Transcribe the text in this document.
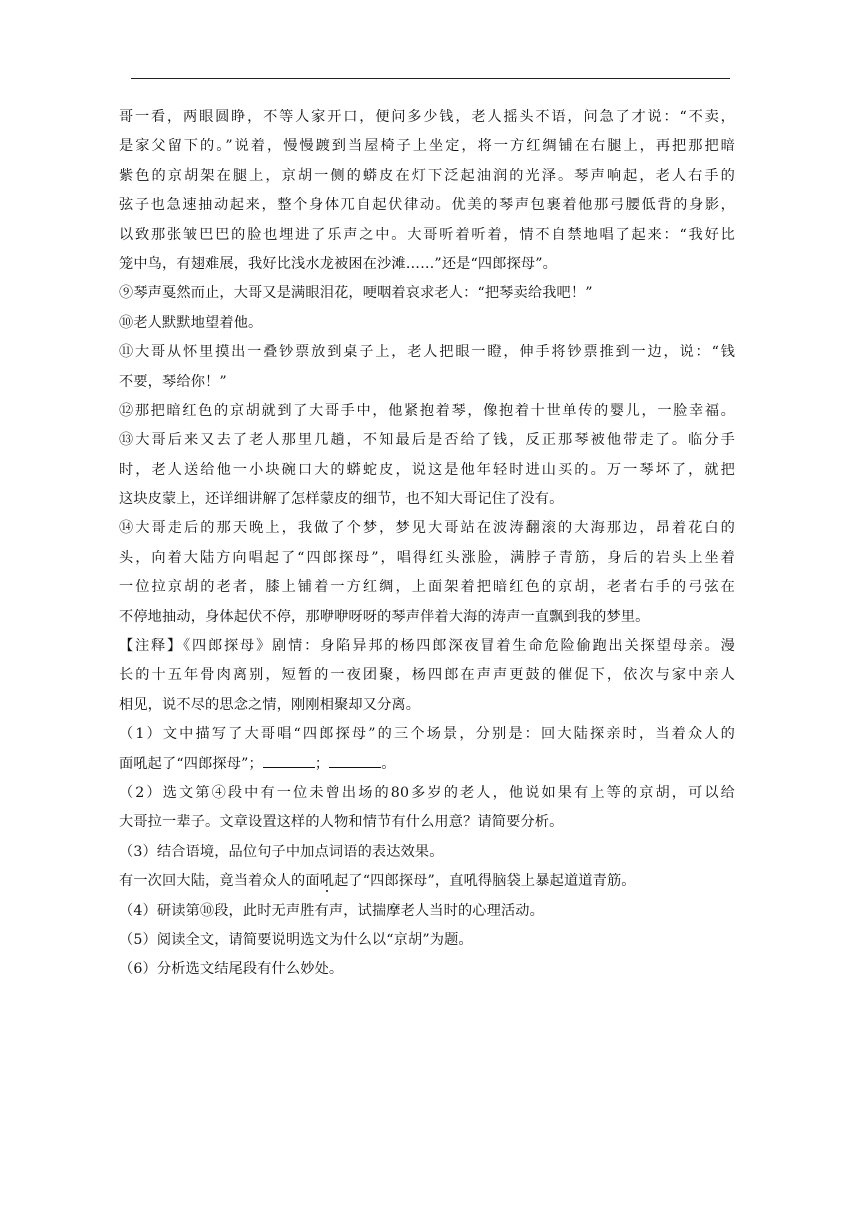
哥一看，两眼圆睁，不等人家开口，便问多少钱，老人摇头不语，问急了才说：“不卖，
是家父留下的。”说着，慢慢踱到当屋椅子上坐定，将一方红绸铺在右腿上，再把那把暗
紫色的京胡架在腿上，京胡一侧的蟒皮在灯下泛起油润的光泽。琴声响起，老人右手的
弦子也急速抽动起来，整个身体兀自起伏律动。优美的琴声包裹着他那弓腰低背的身影，
以致那张皱巴巴的脸也埋进了乐声之中。大哥听着听着，情不自禁地唱了起来：“我好比
笼中鸟，有翅难展，我好比浅水龙被困在沙滩……”还是“四郎探母”。
⑨琴声戛然而止，大哥又是满眼泪花，哽咽着哀求老人：“把琴卖给我吧！”
⑩老人默默地望着他。
⑪大哥从怀里摸出一叠钞票放到桌子上，老人把眼一瞪，伸手将钞票推到一边，说：“钱
不要，琴给你！”
⑫那把暗红色的京胡就到了大哥手中，他紧抱着琴，像抱着十世单传的婴儿，一脸幸福。
⑬大哥后来又去了老人那里几趟，不知最后是否给了钱，反正那琴被他带走了。临分手
时，老人送给他一小块碗口大的蟒蛇皮，说这是他年轻时进山买的。万一琴坏了，就把
这块皮蒙上，还详细讲解了怎样蒙皮的细节，也不知大哥记住了没有。
⑭大哥走后的那天晚上，我做了个梦，梦见大哥站在波涛翻滚的大海那边，昂着花白的
头，向着大陆方向唱起了“四郎探母”，唱得红头涨脸，满脖子青筋，身后的岩头上坐着
一位拉京胡的老者，膝上铺着一方红绸，上面架着把暗红色的京胡，老者右手的弓弦在
不停地抽动，身体起伏不停，那咿咿呀呀的琴声伴着大海的涛声一直飘到我的梦里。
【注释】《四郎探母》剧情：身陷异邦的杨四郎深夜冒着生命危险偷跑出关探望母亲。漫
长的十五年骨肉离别，短暂的一夜团聚，杨四郎在声声更鼓的催促下，依次与家中亲人
相见，说不尽的思念之情，刚刚相聚却又分离。
（1）文中描写了大哥唱“四郎探母”的三个场景，分别是：回大陆探亲时，当着众人的
面吼起了“四郎探母”；	；	。
（2）选文第④段中有一位未曾出场的80多岁的老人，他说如果有上等的京胡，可以给
大哥拉一辈子。文章设置这样的人物和情节有什么用意？请简要分析。
（3）结合语境，品位句子中加点词语的表达效果。
有一次回大陆，竟当着众人的面吼起了“四郎探母”，直吼得脑袋上暴起道道青筋。
（4）研读第⑩段，此时无声胜有声，试揣摩老人当时的心理活动。
（5）阅读全文，请简要说明选文为什么以“京胡”为题。
（6）分析选文结尾段有什么妙处。
